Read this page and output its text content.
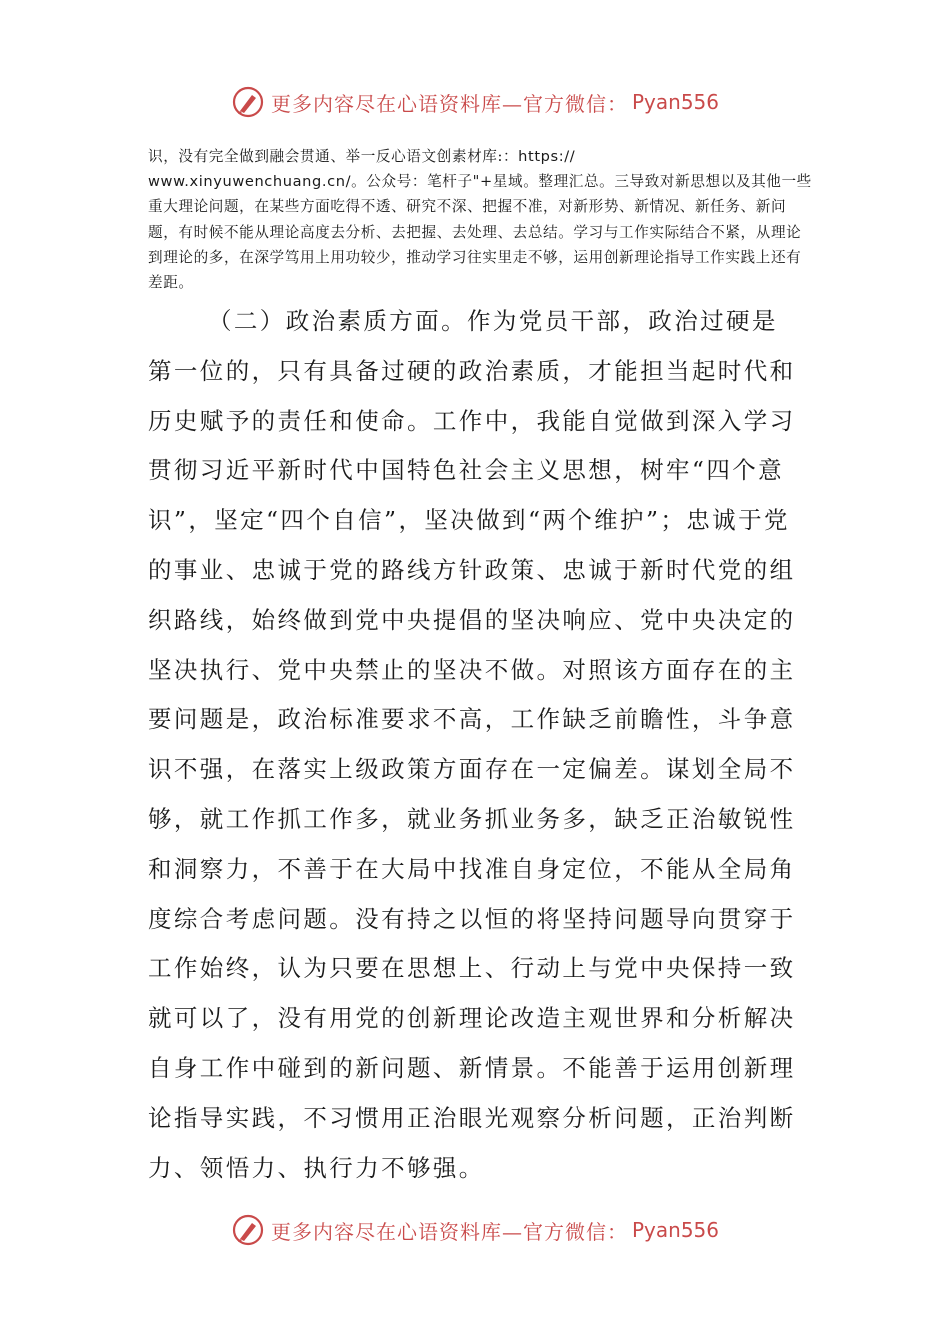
更多内容尽在心语资料库—官方微信： Pyan556

识，没有完全做到融会贯通、举一反心语文创素材库:：https://
www.xinyuwenchuang.cn/。公众号：笔杆子"+星域。整理汇总。三导致对新思想以及其他一些重大理论问题，在某些方面吃得不透、研究不深、把握不准，对新形势、新情况、新任务、新问题，有时候不能从理论高度去分析、去把握、去处理、去总结。学习与工作实际结合不紧，从理论到理论的多，在深学笃用上用功较少，推动学习往实里走不够，运用创新理论指导工作实践上还有差距。

（二）政治素质方面。作为党员干部，政治过硬是第一位的，只有具备过硬的政治素质，才能担当起时代和历史赋予的责任和使命。工作中，我能自觉做到深入学习贯彻习近平新时代中国特色社会主义思想，树牢“四个意识”，坚定“四个自信”，坚决做到“两个维护”；忠诚于党的事业、忠诚于党的路线方针政策、忠诚于新时代党的组织路线，始终做到党中央提倡的坚决响应、党中央决定的坚决执行、党中央禁止的坚决不做。对照该方面存在的主要问题是，政治标准要求不高，工作缺乏前瞻性，斗争意识不强，在落实上级政策方面存在一定偏差。谋划全局不够，就工作抓工作多，就业务抓业务多，缺乏正治敏锐性和洞察力，不善于在大局中找准自身定位，不能从全局角度综合考虑问题。没有持之以恒的将坚持问题导向贯穿于工作始终，认为只要在思想上、行动上与党中央保持一致就可以了，没有用党的创新理论改造主观世界和分析解决自身工作中碰到的新问题、新情景。不能善于运用创新理论指导实践，不习惯用正治眼光观察分析问题，正治判断力、领悟力、执行力不够强。

更多内容尽在心语资料库—官方微信： Pyan556
